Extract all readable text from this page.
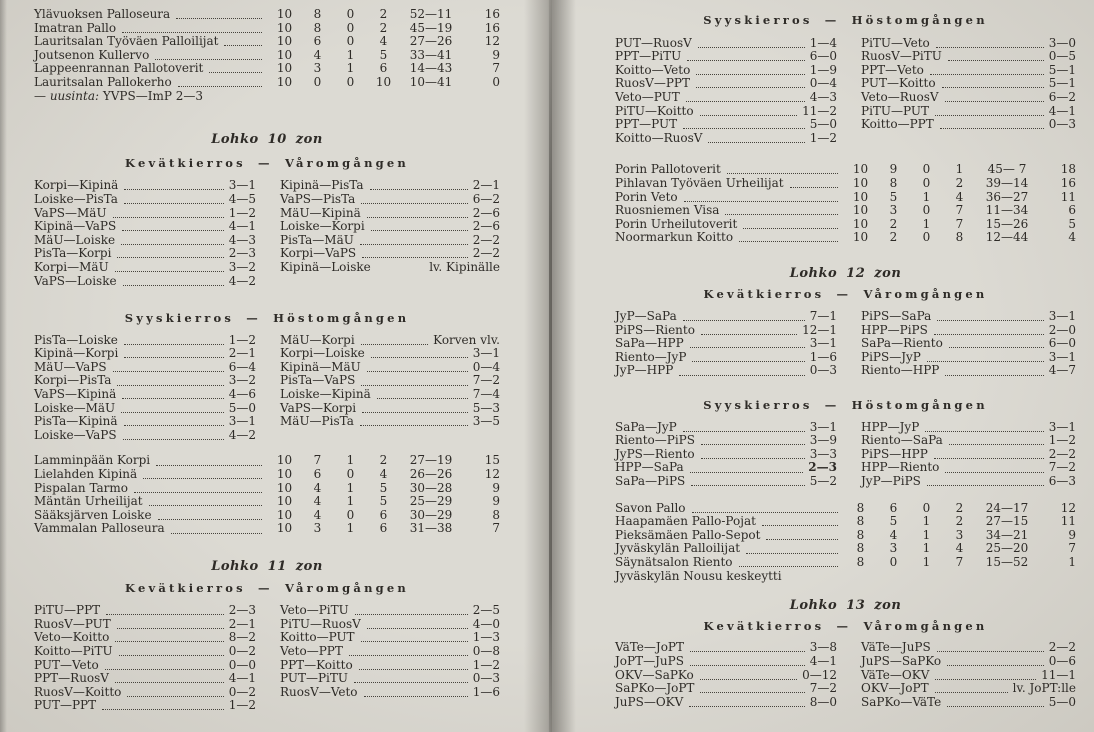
Ylävuoksen Palloseura	10	8	0	2	52—11	16
Imatran Pallo	10	8	0	2	45—19	16
Lauritsalan Työväen Palloilijat	10	6	0	4	27—26	12
Joutsenon Kullervo	10	4	1	5	33—41	9
Lappeenrannan Pallotoverit	10	3	1	6	14—43	7
Lauritsalan Pallokerho	10	0	0	10	10—41	0
— uusinta: YVPS—ImP 2—3
Lohko 10 zon
Kevätkierros — Våromgången
Korpi—Kipinä	3—1
Loiske—PisTa	4—5
VaPS—MäU	1—2
Kipinä—VaPS	4—1
MäU—Loiske	4—3
PisTa—Korpi	2—3
Korpi—MäU	3—2
VaPS—Loiske	4—2
Kipinä—PisTa	2—1
VaPS—PisTa	6—2
MäU—Kipinä	2—6
Loiske—Korpi	2—6
PisTa—MäU	2—2
Korpi—VaPS	2—2
Kipinä—Loiske	lv. Kipinälle
Syyskierros — Höstomgången
PisTa—Loiske	1—2
Kipinä—Korpi	2—1
MäU—VaPS	6—4
Korpi—PisTa	3—2
VaPS—Kipinä	4—6
Loiske—MäU	5—0
PisTa—Kipinä	3—1
Loiske—VaPS	4—2
MäU—Korpi	Korven vlv.
Korpi—Loiske	3—1
Kipinä—MäU	0—4
PisTa—VaPS	7—2
Loiske—Kipinä	7—4
VaPS—Korpi	5—3
MäU—PisTa	3—5
Lamminpään Korpi	10	7	1	2	27—19	15
Lielahden Kipinä	10	6	0	4	26—26	12
Pispalan Tarmo	10	4	1	5	30—28	9
Mäntän Urheilijat	10	4	1	5	25—29	9
Sääksjärven Loiske	10	4	0	6	30—29	8
Vammalan Palloseura	10	3	1	6	31—38	7
Lohko 11 zon
Kevätkierros — Våromgången
PiTU—PPT	2—3
RuosV—PUT	2—1
Veto—Koitto	8—2
Koitto—PiTU	0—2
PUT—Veto	0—0
PPT—RuosV	4—1
RuosV—Koitto	0—2
PUT—PPT	1—2
Veto—PiTU	2—5
PiTU—RuosV	4—0
Koitto—PUT	1—3
Veto—PPT	0—8
PPT—Koitto	1—2
PUT—PiTU	0—3
RuosV—Veto	1—6
Syyskierros — Höstomgången
PUT—RuosV	1—4
PPT—PiTU	6—0
Koitto—Veto	1—9
RuosV—PPT	0—4
Veto—PUT	4—3
PiTU—Koitto	11—2
PPT—PUT	5—0
Koitto—RuosV	1—2
PiTU—Veto	3—0
RuosV—PiTU	0—5
PPT—Veto	5—1
PUT—Koitto	5—1
Veto—RuosV	6—2
PiTU—PUT	4—1
Koitto—PPT	0—3
Porin Pallotoverit	10	9	0	1	45— 7	18
Pihlavan Työväen Urheilijat	10	8	0	2	39—14	16
Porin Veto	10	5	1	4	36—27	11
Ruosniemen Visa	10	3	0	7	11—34	6
Porin Urheilutoverit	10	2	1	7	15—26	5
Noormarkun Koitto	10	2	0	8	12—44	4
Lohko 12 zon
Kevätkierros — Våromgången
JyP—SaPa	7—1
PiPS—Riento	12—1
SaPa—HPP	3—1
Riento—JyP	1—6
JyP—HPP	0—3
PiPS—SaPa	3—1
HPP—PiPS	2—0
SaPa—Riento	6—0
PiPS—JyP	3—1
Riento—HPP	4—7
Syyskierros — Höstomgången
SaPa—JyP	3—1
Riento—PiPS	3—9
JyPS—Riento	3—3
HPP—SaPa	2—3
SaPa—PiPS	5—2
HPP—JyP	3—1
Riento—SaPa	1—2
PiPS—HPP	2—2
HPP—Riento	7—2
JyP—PiPS	6—3
Savon Pallo	8	6	0	2	24—17	12
Haapamäen Pallo-Pojat	8	5	1	2	27—15	11
Pieksämäen Pallo-Sepot	8	4	1	3	34—21	9
Jyväskylän Palloilijat	8	3	1	4	25—20	7
Säynätsalon Riento	8	0	1	7	15—52	1
Jyväskylän Nousu keskeytti
Lohko 13 zon
Kevätkierros — Våromgången
VäTe—JoPT	3—8
JoPT—JuPS	4—1
OKV—SaPKo	0—12
SaPKo—JoPT	7—2
JuPS—OKV	8—0
VäTe—JuPS	2—2
JuPS—SaPKo	0—6
VäTe—OKV	11—1
OKV—JoPT	lv. JoPT:lle
SaPKo—VäTe	5—0
